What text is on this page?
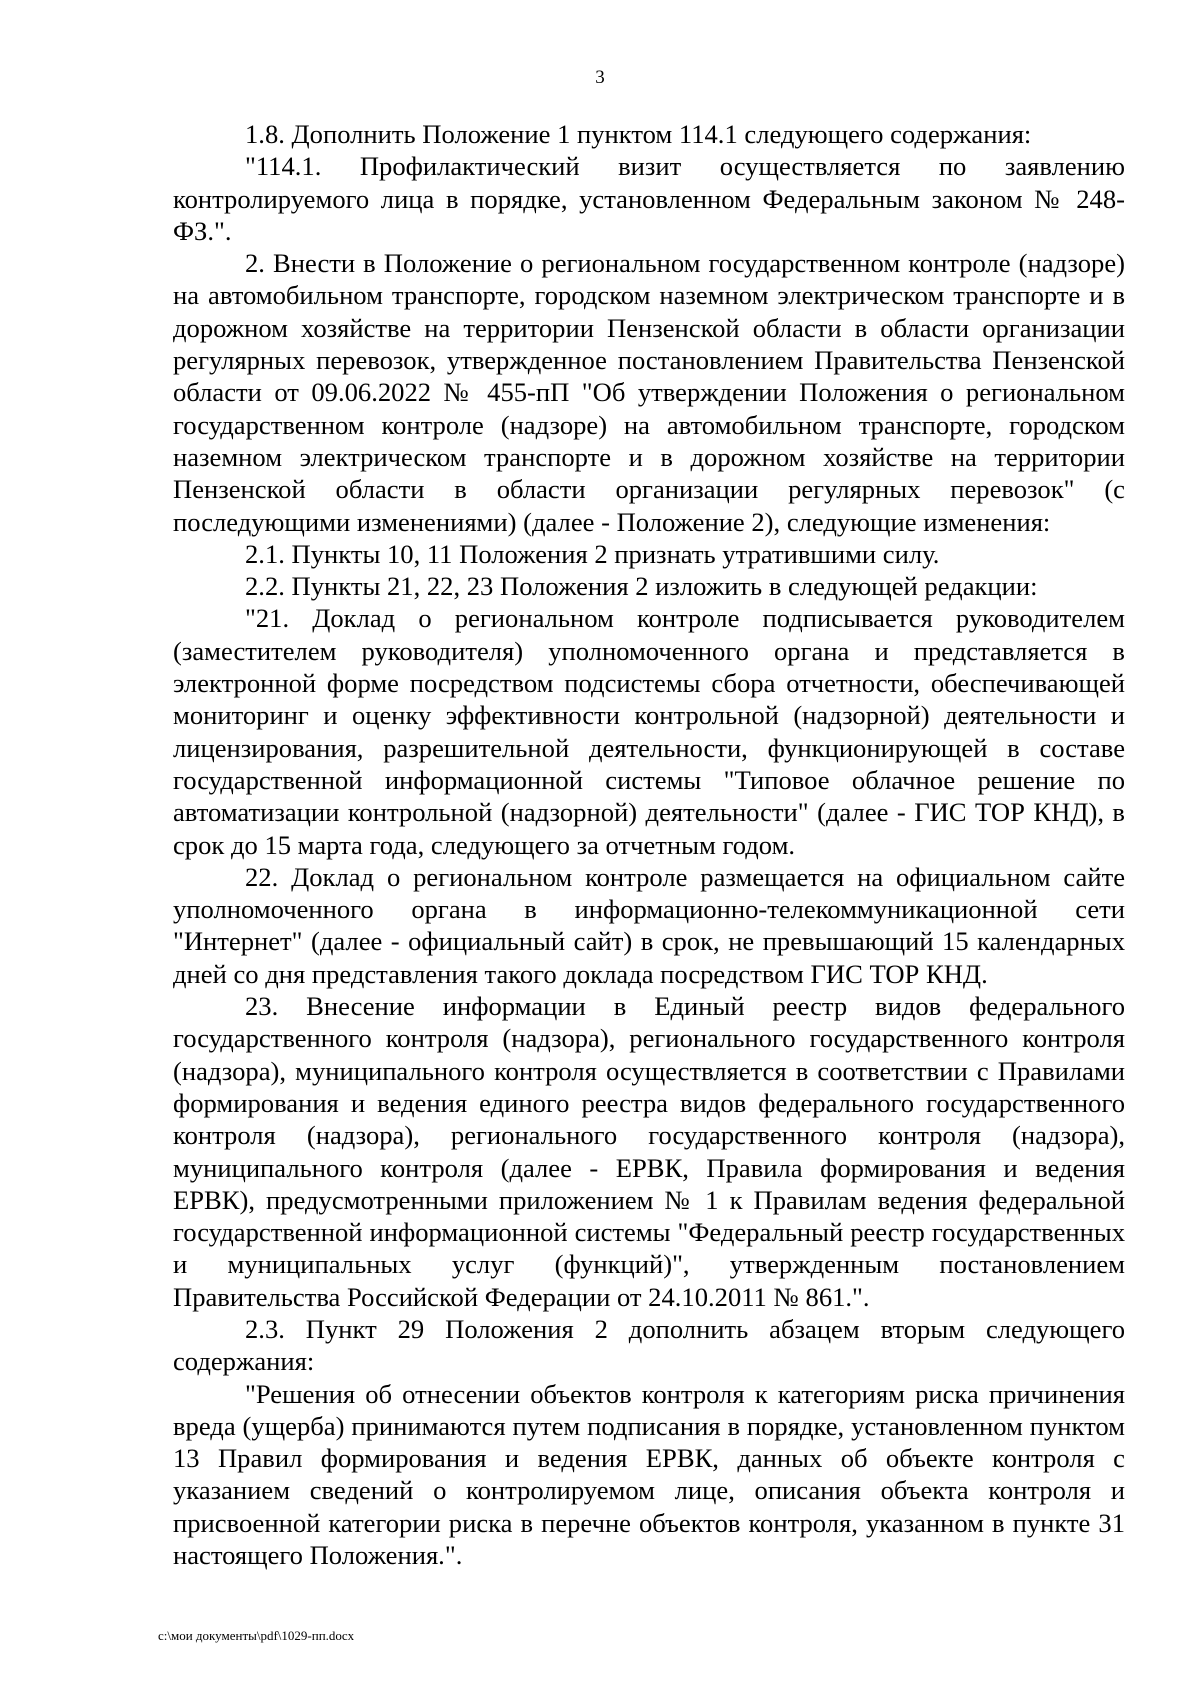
3

1.8. Дополнить Положение 1 пунктом 114.1 следующего содержания:

"114.1. Профилактический визит осуществляется по заявлению контролируемого лица в порядке, установленном Федеральным законом № 248-ФЗ.".

2. Внести в Положение о региональном государственном контроле (надзоре) на автомобильном транспорте, городском наземном электрическом транспорте и в дорожном хозяйстве на территории Пензенской области в области организации регулярных перевозок, утвержденное постановлением Правительства Пензенской области от 09.06.2022 № 455-пП "Об утверждении Положения о региональном государственном контроле (надзоре) на автомобильном транспорте, городском наземном электрическом транспорте и в дорожном хозяйстве на территории Пензенской области в области организации регулярных перевозок" (с последующими изменениями) (далее - Положение 2), следующие изменения:

2.1. Пункты 10, 11 Положения 2 признать утратившими силу.

2.2. Пункты 21, 22, 23 Положения 2 изложить в следующей редакции:

"21. Доклад о региональном контроле подписывается руководителем (заместителем руководителя) уполномоченного органа и представляется в электронной форме посредством подсистемы сбора отчетности, обеспечивающей мониторинг и оценку эффективности контрольной (надзорной) деятельности и лицензирования, разрешительной деятельности, функционирующей в составе государственной информационной системы "Типовое облачное решение по автоматизации контрольной (надзорной) деятельности" (далее - ГИС ТОР КНД), в срок до 15 марта года, следующего за отчетным годом.

22. Доклад о региональном контроле размещается на официальном сайте уполномоченного органа в информационно-телекоммуникационной сети "Интернет" (далее - официальный сайт) в срок, не превышающий 15 календарных дней со дня представления такого доклада посредством ГИС ТОР КНД.

23. Внесение информации в Единый реестр видов федерального государственного контроля (надзора), регионального государственного контроля (надзора), муниципального контроля осуществляется в соответствии с Правилами формирования и ведения единого реестра видов федерального государственного контроля (надзора), регионального государственного контроля (надзора), муниципального контроля (далее - ЕРВК, Правила формирования и ведения ЕРВК), предусмотренными приложением № 1 к Правилам ведения федеральной государственной информационной системы "Федеральный реестр государственных и муниципальных услуг (функций)", утвержденным постановлением Правительства Российской Федерации от 24.10.2011 № 861.".

2.3. Пункт 29 Положения 2 дополнить абзацем вторым следующего содержания:

"Решения об отнесении объектов контроля к категориям риска причинения вреда (ущерба) принимаются путем подписания в порядке, установленном пунктом 13 Правил формирования и ведения ЕРВК, данных об объекте контроля с указанием сведений о контролируемом лице, описания объекта контроля и присвоенной категории риска в перечне объектов контроля, указанном в пункте 31 настоящего Положения.".

c:\мои документы\pdf\1029-пп.docx
